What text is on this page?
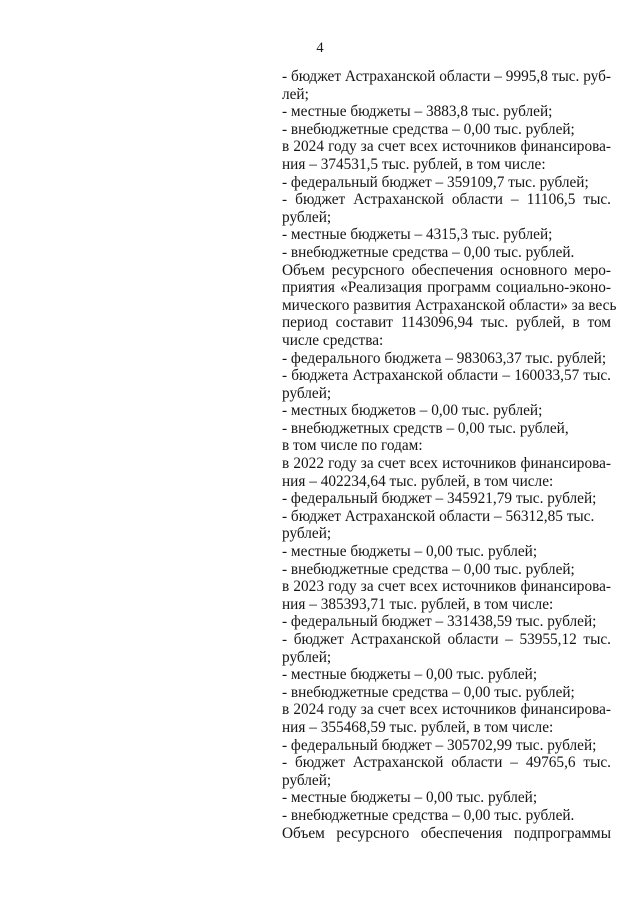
4
- бюджет Астраханской области – 9995,8 тыс. руб-
лей;
- местные бюджеты – 3883,8 тыс. рублей;
- внебюджетные средства – 0,00 тыс. рублей;
в 2024 году за счет всех источников финансирова-
ния – 374531,5 тыс. рублей, в том числе:
- федеральный бюджет – 359109,7 тыс. рублей;
- бюджет Астраханской области – 11106,5 тыс.
рублей;
- местные бюджеты – 4315,3 тыс. рублей;
- внебюджетные средства – 0,00 тыс. рублей.
Объем ресурсного обеспечения основного меро-
приятия «Реализация программ социально-эконо-
мического развития Астраханской области» за весь
период составит 1143096,94 тыс. рублей, в том
числе средства:
- федерального бюджета – 983063,37 тыс. рублей;
- бюджета Астраханской области – 160033,57 тыс.
рублей;
- местных бюджетов – 0,00 тыс. рублей;
- внебюджетных средств – 0,00 тыс. рублей,
в том числе по годам:
в 2022 году за счет всех источников финансирова-
ния – 402234,64 тыс. рублей, в том числе:
- федеральный бюджет – 345921,79 тыс. рублей;
- бюджет Астраханской области – 56312,85 тыс.
рублей;
- местные бюджеты – 0,00 тыс. рублей;
- внебюджетные средства – 0,00 тыс. рублей;
в 2023 году за счет всех источников финансирова-
ния – 385393,71 тыс. рублей, в том числе:
- федеральный бюджет – 331438,59 тыс. рублей;
- бюджет Астраханской области – 53955,12 тыс.
рублей;
- местные бюджеты – 0,00 тыс. рублей;
- внебюджетные средства – 0,00 тыс. рублей;
в 2024 году за счет всех источников финансирова-
ния – 355468,59 тыс. рублей, в том числе:
- федеральный бюджет – 305702,99 тыс. рублей;
- бюджет Астраханской области – 49765,6 тыс.
рублей;
- местные бюджеты – 0,00 тыс. рублей;
- внебюджетные средства – 0,00 тыс. рублей.
Объем ресурсного обеспечения подпрограммы
